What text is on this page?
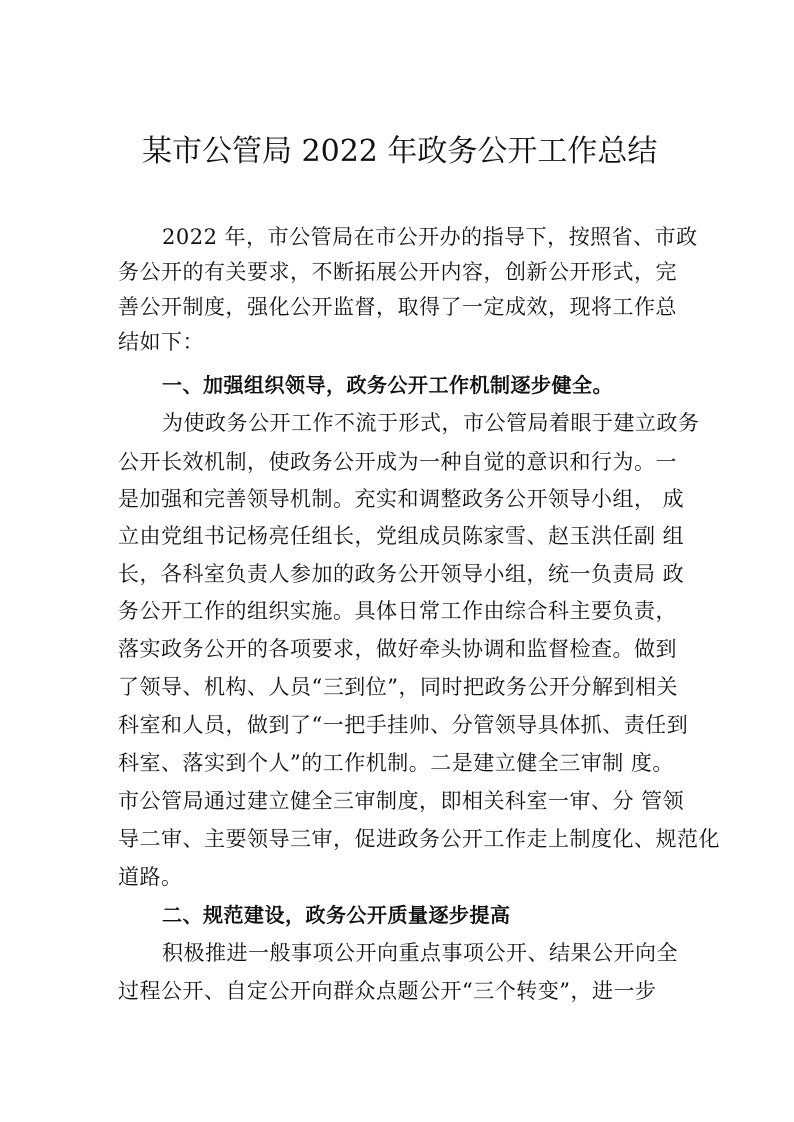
某市公管局 2022 年政务公开工作总结
2022 年，市公管局在市公开办的指导下，按照省、市政
务公开的有关要求，不断拓展公开内容，创新公开形式，完
善公开制度，强化公开监督，取得了一定成效，现将工作总
结如下：
一、加强组织领导，政务公开工作机制逐步健全。
为使政务公开工作不流于形式，市公管局着眼于建立政务
公开长效机制，使政务公开成为一种自觉的意识和行为。一
是加强和完善领导机制。充实和调整政务公开领导小组， 成
立由党组书记杨亮任组长，党组成员陈家雪、赵玉洪任副 组
长，各科室负责人参加的政务公开领导小组，统一负责局 政
务公开工作的组织实施。具体日常工作由综合科主要负责，
落实政务公开的各项要求，做好牵头协调和监督检查。做到
了领导、机构、人员“三到位”，同时把政务公开分解到相关
科室和人员，做到了“一把手挂帅、分管领导具体抓、责任到
科室、落实到个人”的工作机制。二是建立健全三审制 度。
市公管局通过建立健全三审制度，即相关科室一审、分 管领
导二审、主要领导三审，促进政务公开工作走上制度化、规范化
道路。
二、规范建设，政务公开质量逐步提高
积极推进一般事项公开向重点事项公开、结果公开向全
过程公开、自定公开向群众点题公开“三个转变”，进一步
